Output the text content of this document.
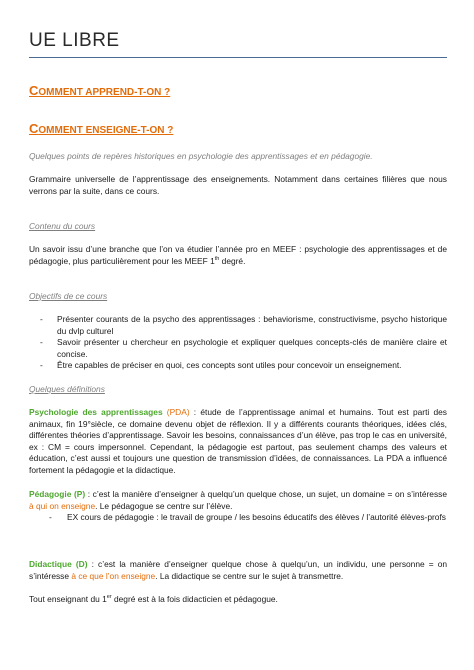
UE LIBRE
COMMENT APPREND-T-ON ?
COMMENT ENSEIGNE-T-ON ?
Quelques points de repères historiques en psychologie des apprentissages et en pédagogie.
Grammaire universelle de l’apprentissage des enseignements. Notamment dans certaines filières que nous verrons par la suite, dans ce cours.
Contenu du cours
Un savoir issu d’une branche que l’on va étudier l’année pro en MEEF : psychologie des apprentissages et de pédagogie, plus particulièrement pour les MEEF 1th degré.
Objectifs de ce cours
- Présenter courants de la psycho des apprentissages : behaviorisme, constructivisme, psycho historique du dvlp culturel
- Savoir présenter u chercheur en psychologie et expliquer quelques concepts-clés de manière claire et concise.
- Être capables de préciser en quoi, ces concepts sont utiles pour concevoir un enseignement.
Quelques définitions
Psychologie des apprentissages (PDA) : étude de l’apprentissage animal et humains. Tout est parti des animaux, fin 19°siècle, ce domaine devenu objet de réflexion. Il y a différents courants théoriques, idées clés, différentes théories d’apprentissage. Savoir les besoins, connaissances d’un élève, pas trop le cas en université, ex : CM = cours impersonnel. Cependant, la pédagogie est partout, pas seulement champs des valeurs et éducation, c’est aussi et toujours une question de transmission d’idées, de connaissances. La PDA a influencé fortement la pédagogie et la didactique.
Pédagogie (P) : c’est la manière d’enseigner à quelqu’un quelque chose, un sujet, un domaine = on s’intéresse à qui on enseigne. Le pédagogue se centre sur l’élève.
- EX cours de pédagogie : le travail de groupe / les besoins éducatifs des élèves / l’autorité élèves-profs
Didactique (D) : c’est la manière d’enseigner quelque chose à quelqu’un, un individu, une personne = on s’intéresse à ce que l’on enseigne. La didactique se centre sur le sujet à transmettre.
Tout enseignant du 1er degré est à la fois didacticien et pédagogue.
